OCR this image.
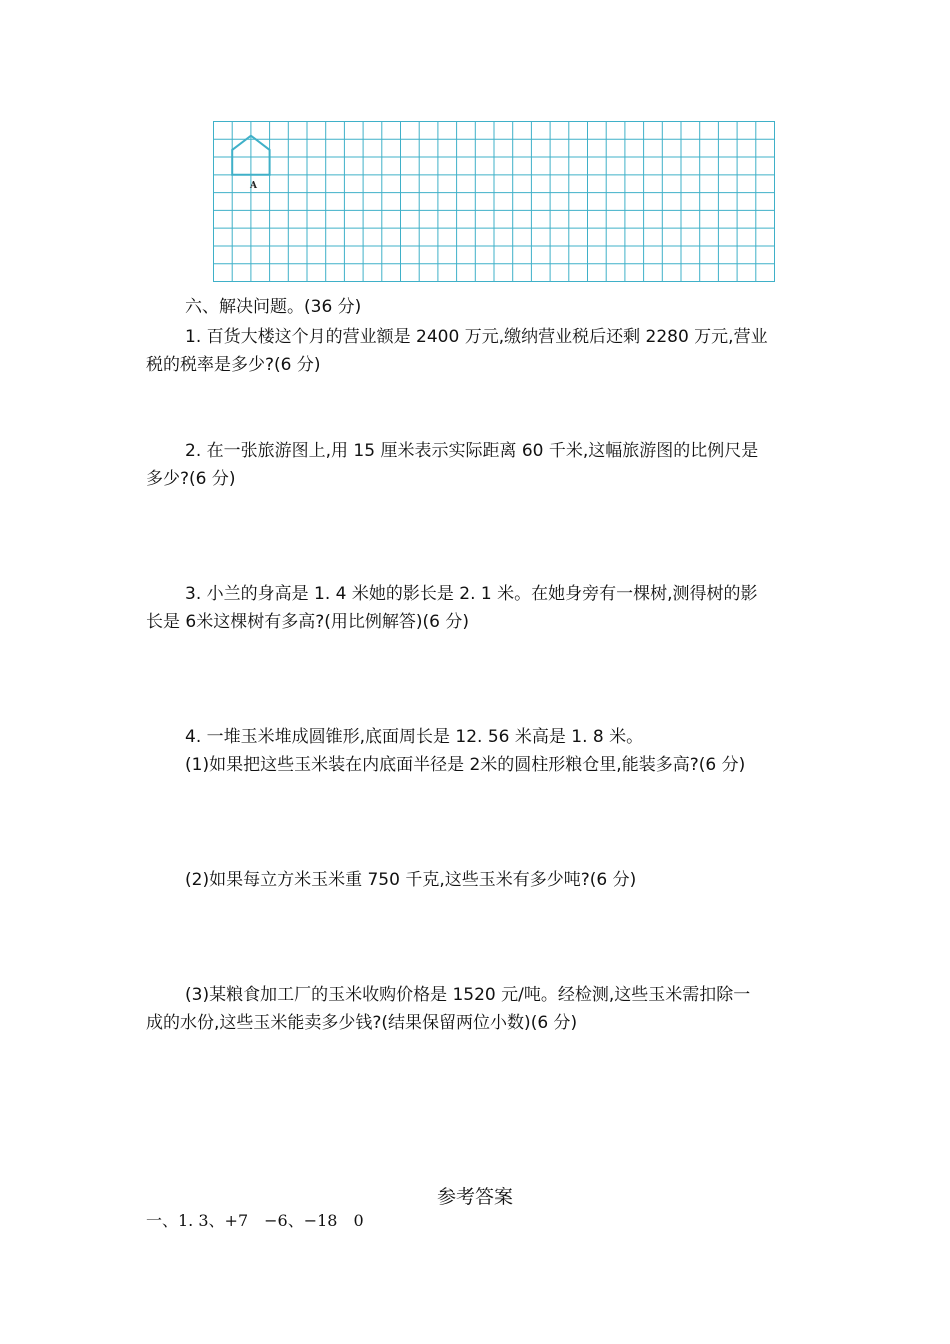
A
六、解决问题。(36 分)
1. 百货大楼这个月的营业额是 2400 万元,缴纳营业税后还剩 2280 万元,营业
税的税率是多少?(6 分)
2. 在一张旅游图上,用 15 厘米表示实际距离 60 千米,这幅旅游图的比例尺是
多少?(6 分)
3. 小兰的身高是 1. 4 米她的影长是 2. 1 米。在她身旁有一棵树,测得树的影
长是 6米这棵树有多高?(用比例解答)(6 分)
4. 一堆玉米堆成圆锥形,底面周长是 12. 56 米高是 1. 8 米。
(1)如果把这些玉米装在内底面半径是 2米的圆柱形粮仓里,能装多高?(6 分)
(2)如果每立方米玉米重 750 千克,这些玉米有多少吨?(6 分)
(3)某粮食加工厂的玉米收购价格是 1520 元/吨。经检测,这些玉米需扣除一
成的水份,这些玉米能卖多少钱?(结果保留两位小数)(6 分)
参考答案
一、1. 3、+7　−6、−18　0
